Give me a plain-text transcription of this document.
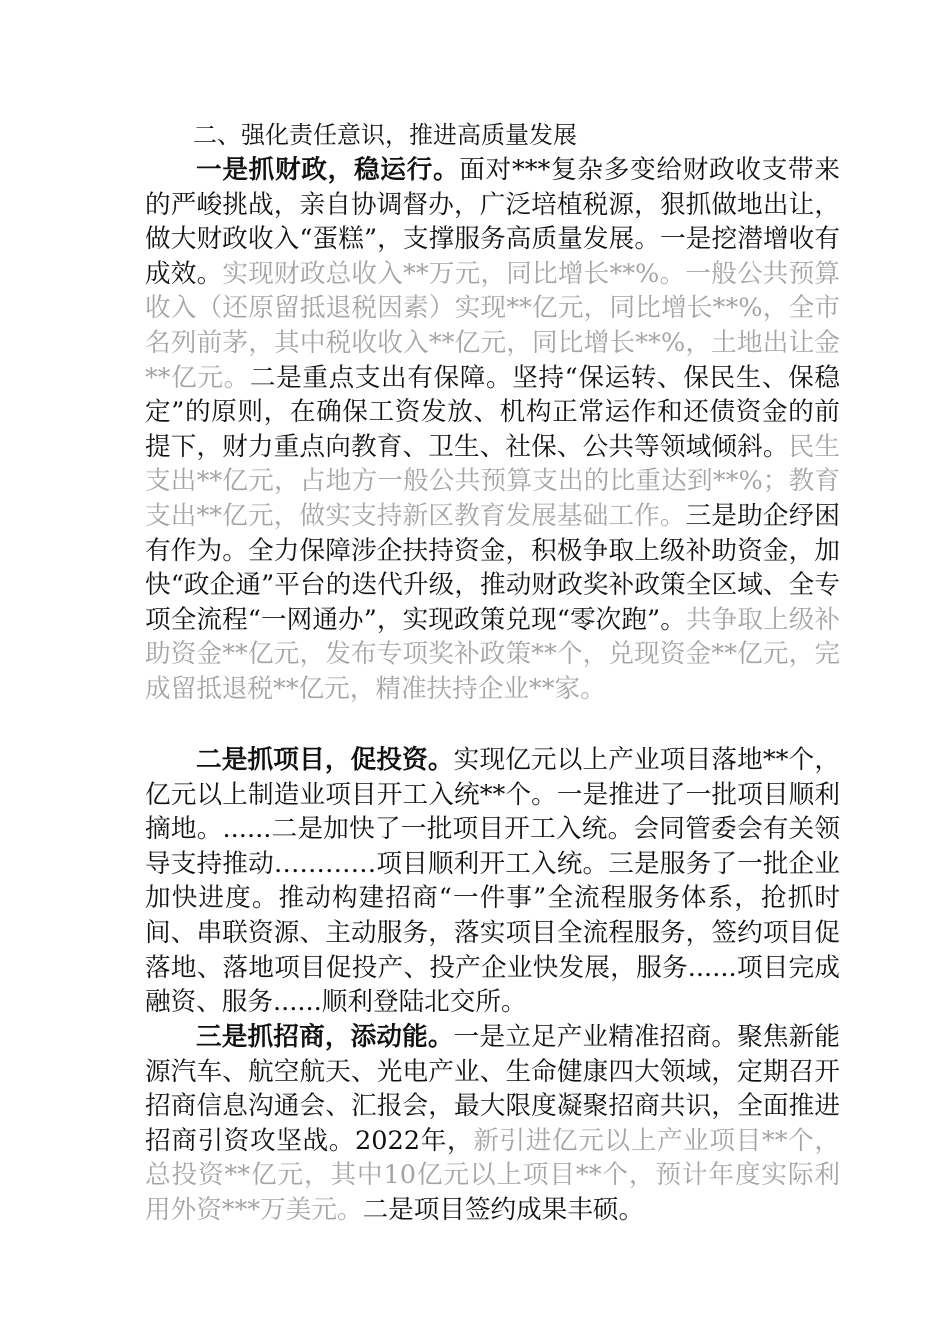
二、强化责任意识，推进高质量发展

一是抓财政，稳运行。面对***复杂多变给财政收支带来的严峻挑战，亲自协调督办，广泛培植税源，狠抓做地出让，做大财政收入“蛋糕”，支撑服务高质量发展。一是挖潜增收有成效。实现财政总收入**万元，同比增长**%。一般公共预算收入（还原留抵退税因素）实现**亿元，同比增长**%，全市名列前茅，其中税收收入**亿元，同比增长**%，土地出让金**亿元。二是重点支出有保障。坚持“保运转、保民生、保稳定”的原则，在确保工资发放、机构正常运作和还债资金的前提下，财力重点向教育、卫生、社保、公共等领域倾斜。民生支出**亿元，占地方一般公共预算支出的比重达到**%；教育支出**亿元，做实支持新区教育发展基础工作。三是助企纾困有作为。全力保障涉企扶持资金，积极争取上级补助资金，加快“政企通”平台的迭代升级，推动财政奖补政策全区域、全专项全流程“一网通办”，实现政策兑现“零次跑”。共争取上级补助资金**亿元，发布专项奖补政策**个，兑现资金**亿元，完成留抵退税**亿元，精准扶持企业**家。

二是抓项目，促投资。实现亿元以上产业项目落地**个，亿元以上制造业项目开工入统**个。一是推进了一批项目顺利摘地。......二是加快了一批项目开工入统。会同管委会有关领导支持推动…………项目顺利开工入统。三是服务了一批企业加快进度。推动构建招商“一件事”全流程服务体系，抢抓时间、串联资源、主动服务，落实项目全流程服务，签约项目促落地、落地项目促投产、投产企业快发展，服务......项目完成融资、服务......顺利登陆北交所。

三是抓招商，添动能。一是立足产业精准招商。聚焦新能源汽车、航空航天、光电产业、生命健康四大领域，定期召开招商信息沟通会、汇报会，最大限度凝聚招商共识，全面推进招商引资攻坚战。2022年，新引进亿元以上产业项目**个，总投资**亿元，其中10亿元以上项目**个，预计年度实际利用外资***万美元。二是项目签约成果丰硕。
